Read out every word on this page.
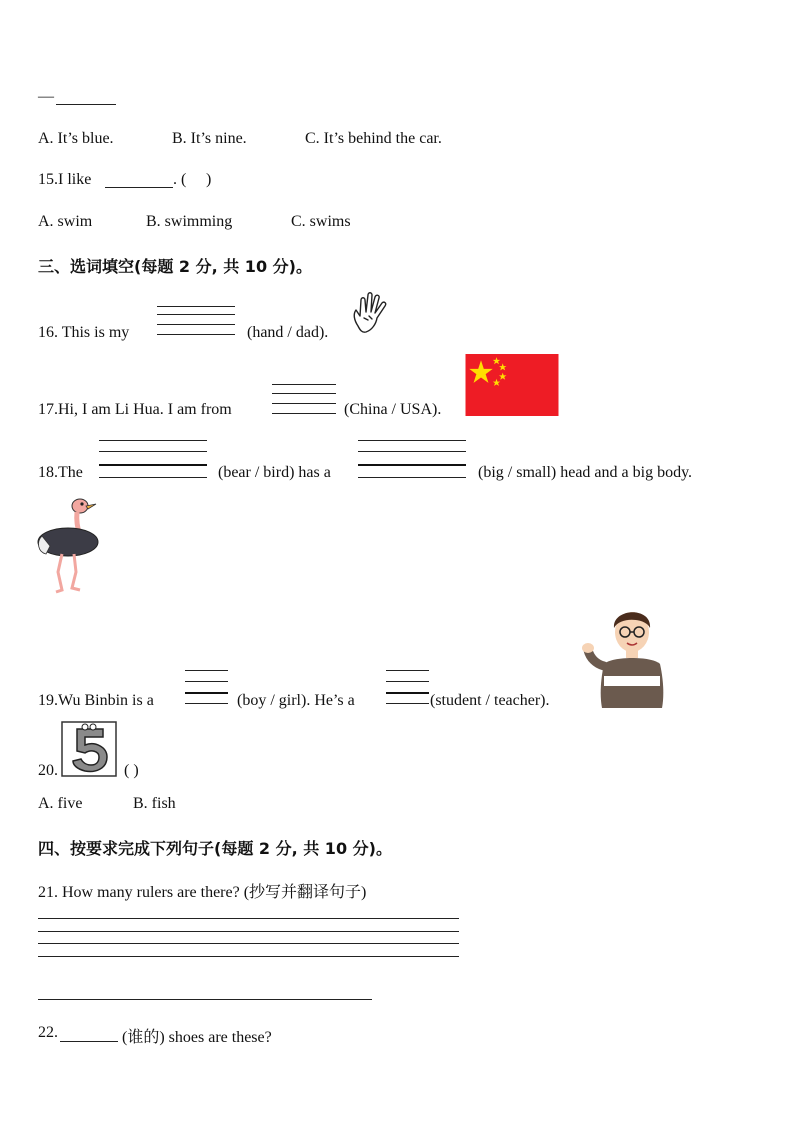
—
A. It’s blue.	B. It’s nine.	C. It’s behind the car.
15.I like	. ( )
A. swim	B. swimming	C. swims
三、选词填空(每题 2 分, 共 10 分)。
16. This is my	(hand / dad).
17.Hi, I am Li Hua. I am from	(China / USA).
18.The	(bear / bird) has a	(big / small) head and a big body.
19.Wu Binbin is a	(boy / girl). He’s a	(student / teacher).
20.	( )
A. five	B. fish
四、按要求完成下列句子(每题 2 分, 共 10 分)。
21. How many rulers are there? (抄写并翻译句子)
22.	(谁的) shoes are these?
